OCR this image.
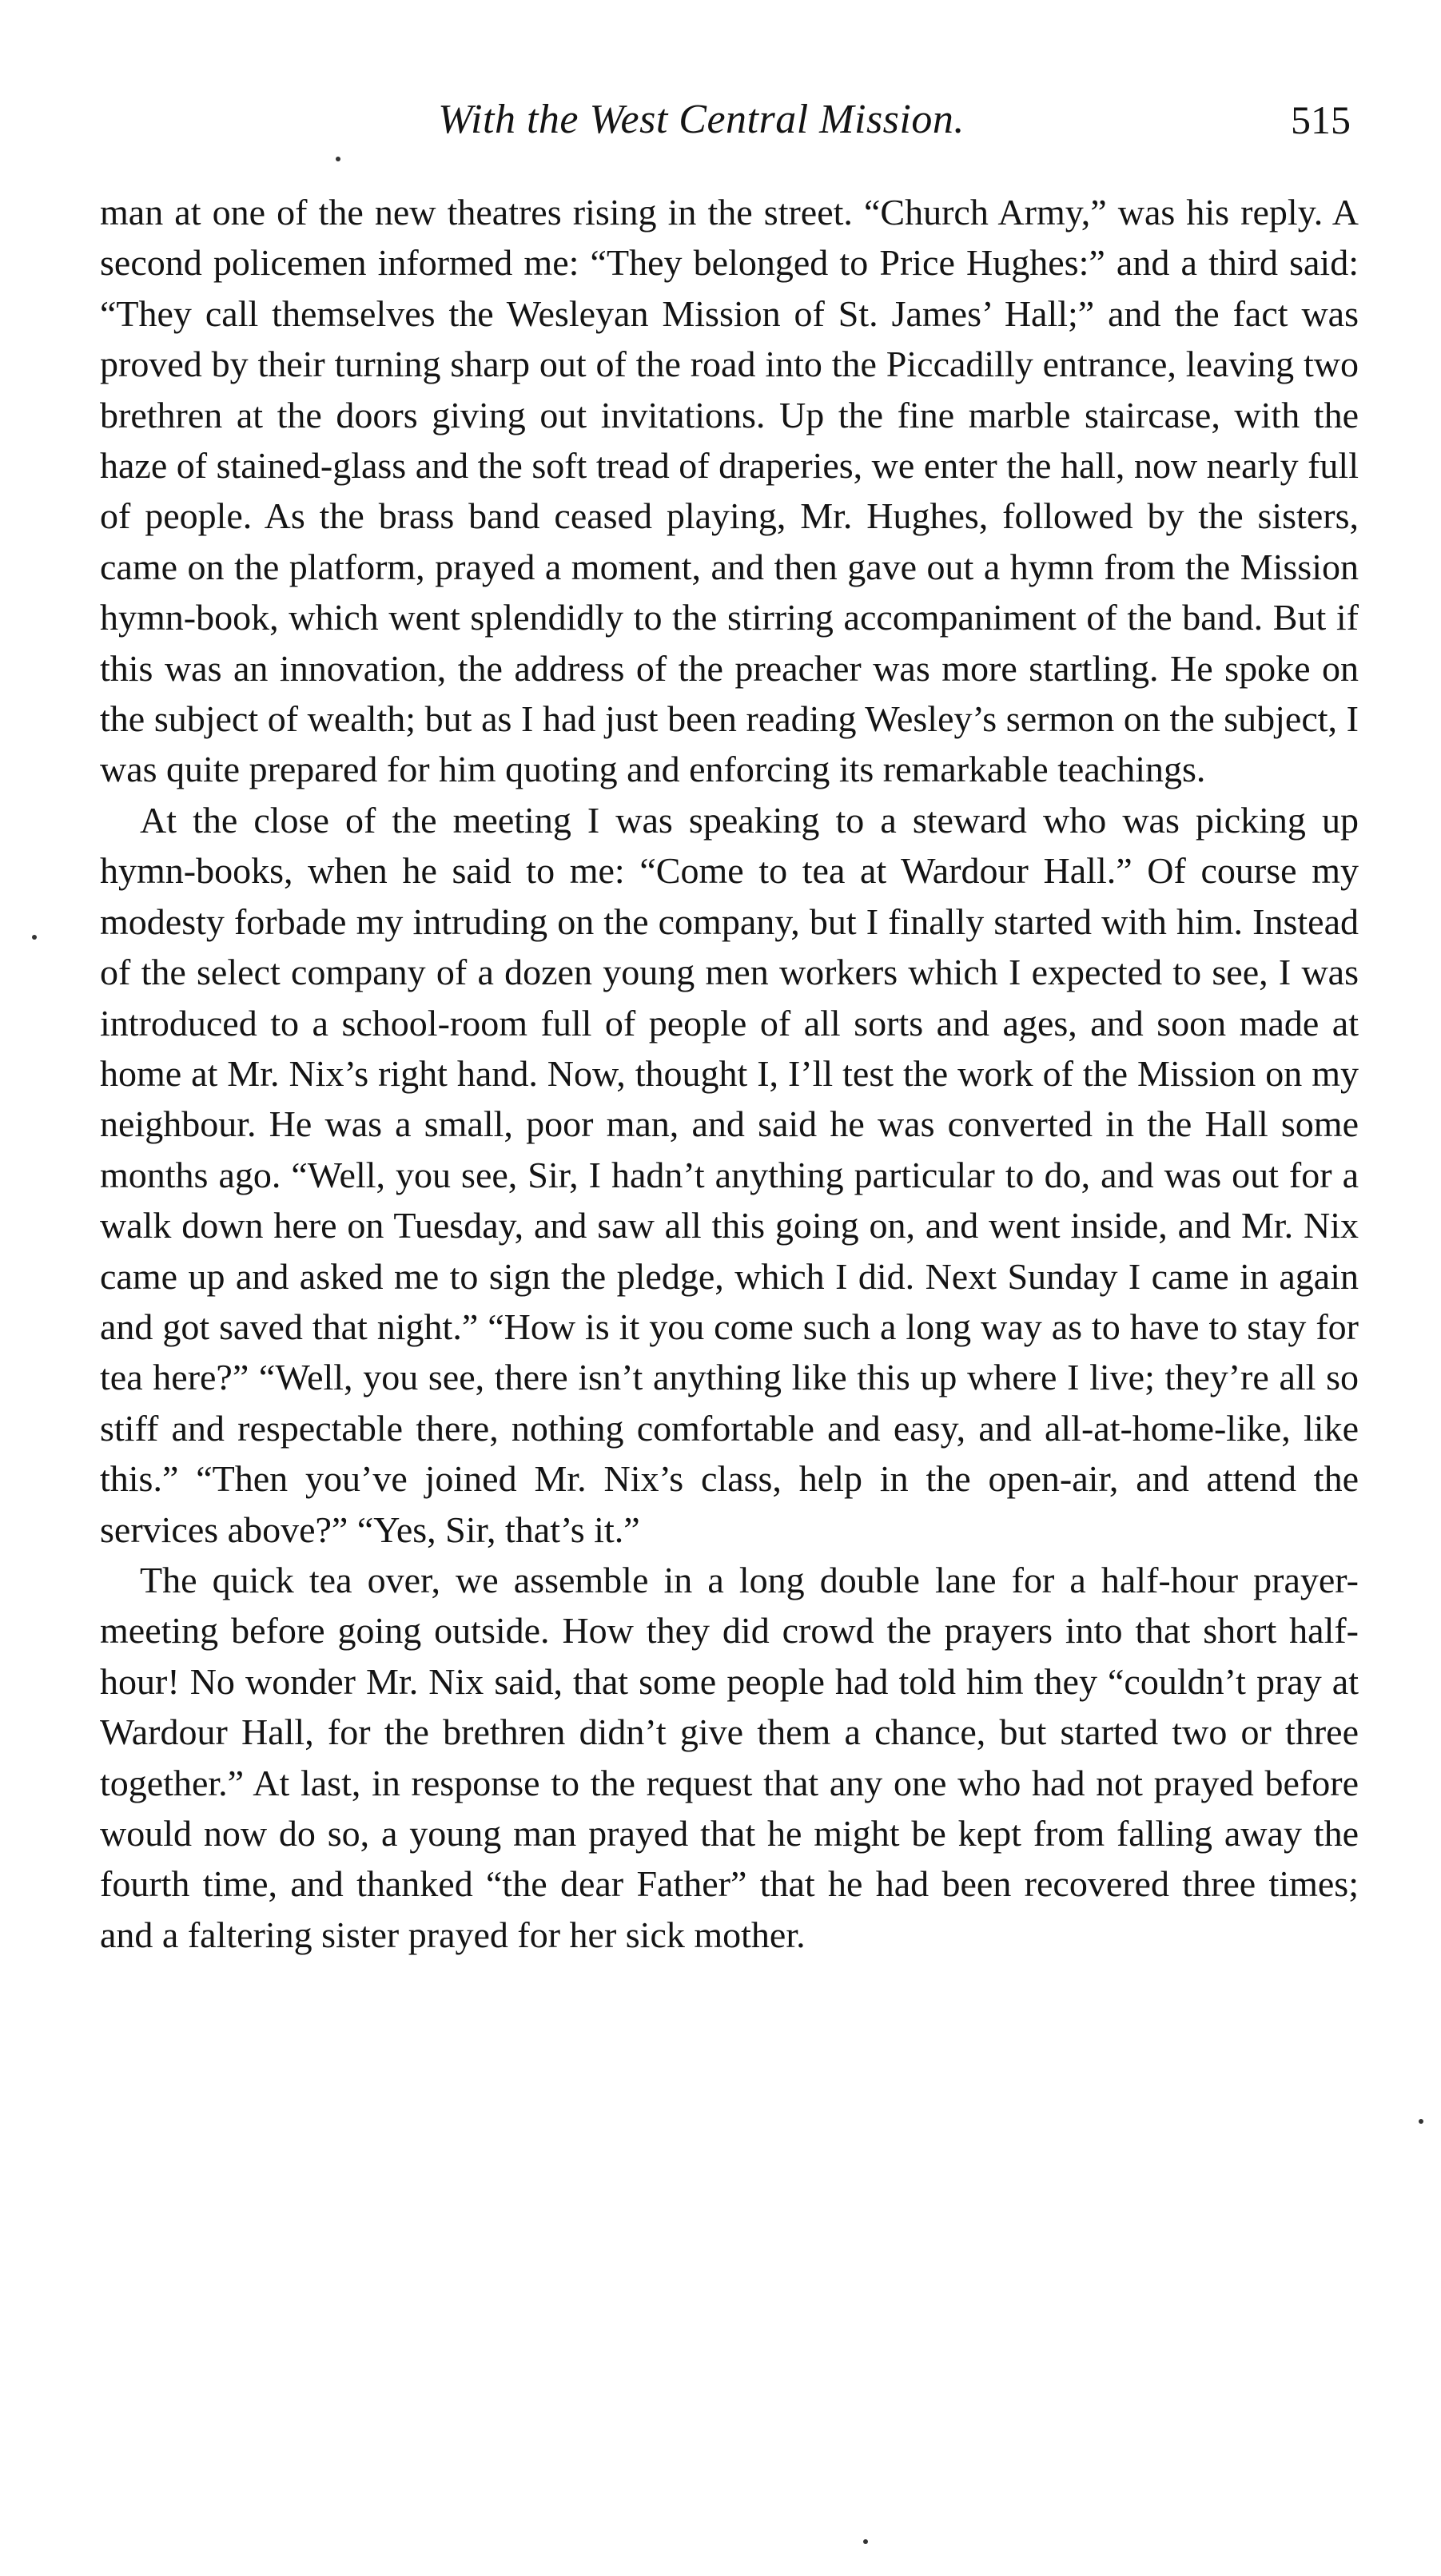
With the West Central Mission.	515

man at one of the new theatres rising in the street. “Church Army,” was his reply. A second policemen informed me: “They belonged to Price Hughes:” and a third said: “They call themselves the Wesleyan Mission of St. James’ Hall;” and the fact was proved by their turning sharp out of the road into the Piccadilly entrance, leaving two brethren at the doors giving out invitations. Up the fine marble staircase, with the haze of stained-glass and the soft tread of draperies, we enter the hall, now nearly full of people. As the brass band ceased playing, Mr. Hughes, followed by the sisters, came on the platform, prayed a moment, and then gave out a hymn from the Mission hymn-book, which went splendidly to the stirring accompaniment of the band. But if this was an innovation, the address of the preacher was more startling. He spoke on the subject of wealth; but as I had just been reading Wesley’s sermon on the subject, I was quite prepared for him quoting and enforcing its remarkable teachings.

At the close of the meeting I was speaking to a steward who was picking up hymn-books, when he said to me: “Come to tea at Wardour Hall.” Of course my modesty forbade my intruding on the company, but I finally started with him. Instead of the select company of a dozen young men workers which I expected to see, I was introduced to a school-room full of people of all sorts and ages, and soon made at home at Mr. Nix’s right hand. Now, thought I, I’ll test the work of the Mission on my neighbour. He was a small, poor man, and said he was converted in the Hall some months ago. “Well, you see, Sir, I hadn’t anything particular to do, and was out for a walk down here on Tuesday, and saw all this going on, and went inside, and Mr. Nix came up and asked me to sign the pledge, which I did. Next Sunday I came in again and got saved that night.” “How is it you come such a long way as to have to stay for tea here?” “Well, you see, there isn’t anything like this up where I live; they’re all so stiff and respectable there, nothing comfortable and easy, and all-at-home-like, like this.” “Then you’ve joined Mr. Nix’s class, help in the open-air, and attend the services above?” “Yes, Sir, that’s it.”

The quick tea over, we assemble in a long double lane for a half-hour prayer-meeting before going outside. How they did crowd the prayers into that short half-hour! No wonder Mr. Nix said, that some people had told him they “couldn’t pray at Wardour Hall, for the brethren didn’t give them a chance, but started two or three together.” At last, in response to the request that any one who had not prayed before would now do so, a young man prayed that he might be kept from falling away the fourth time, and thanked “the dear Father” that he had been recovered three times; and a faltering sister prayed for her sick mother.
